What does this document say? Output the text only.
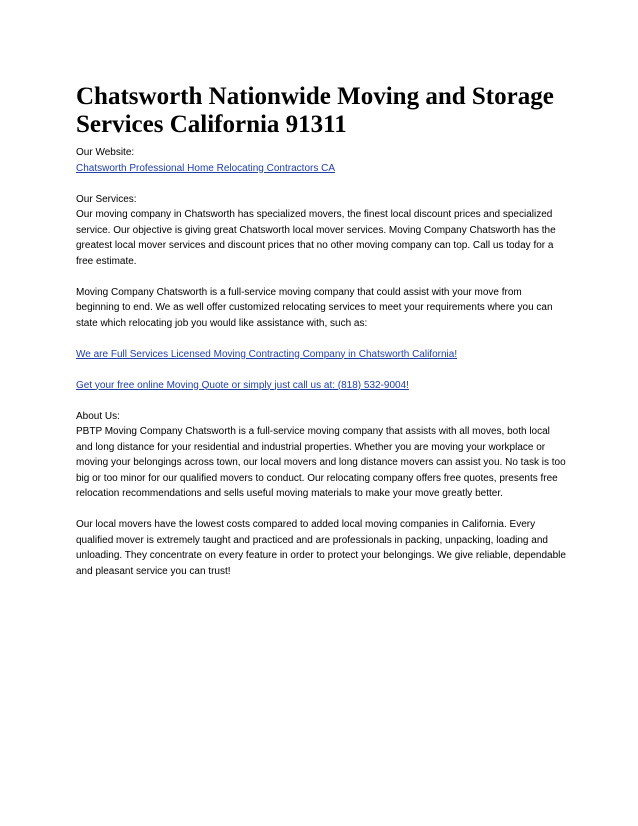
Chatsworth Nationwide Moving and Storage Services California 91311
Our Website:
Chatsworth Professional Home Relocating Contractors CA
Our Services:
Our moving company in Chatsworth has specialized movers, the finest local discount prices and specialized service. Our objective is giving great Chatsworth local mover services. Moving Company Chatsworth has the greatest local mover services and discount prices that no other moving company can top. Call us today for a free estimate.

Moving Company Chatsworth is a full-service moving company that could assist with your move from beginning to end. We as well offer customized relocating services to meet your requirements where you can state which relocating job you would like assistance with, such as:

We are Full Services Licensed Moving Contracting Company in Chatsworth California!

Get your free online Moving Quote or simply just call us at: (818) 532-9004!

About Us:
PBTP Moving Company Chatsworth is a full-service moving company that assists with all moves, both local and long distance for your residential and industrial properties. Whether you are moving your workplace or moving your belongings across town, our local movers and long distance movers can assist you. No task is too big or too minor for our qualified movers to conduct. Our relocating company offers free quotes, presents free relocation recommendations and sells useful moving materials to make your move greatly better.

Our local movers have the lowest costs compared to added local moving companies in California. Every qualified mover is extremely taught and practiced and are professionals in packing, unpacking, loading and unloading. They concentrate on every feature in order to protect your belongings. We give reliable, dependable and pleasant service you can trust!
